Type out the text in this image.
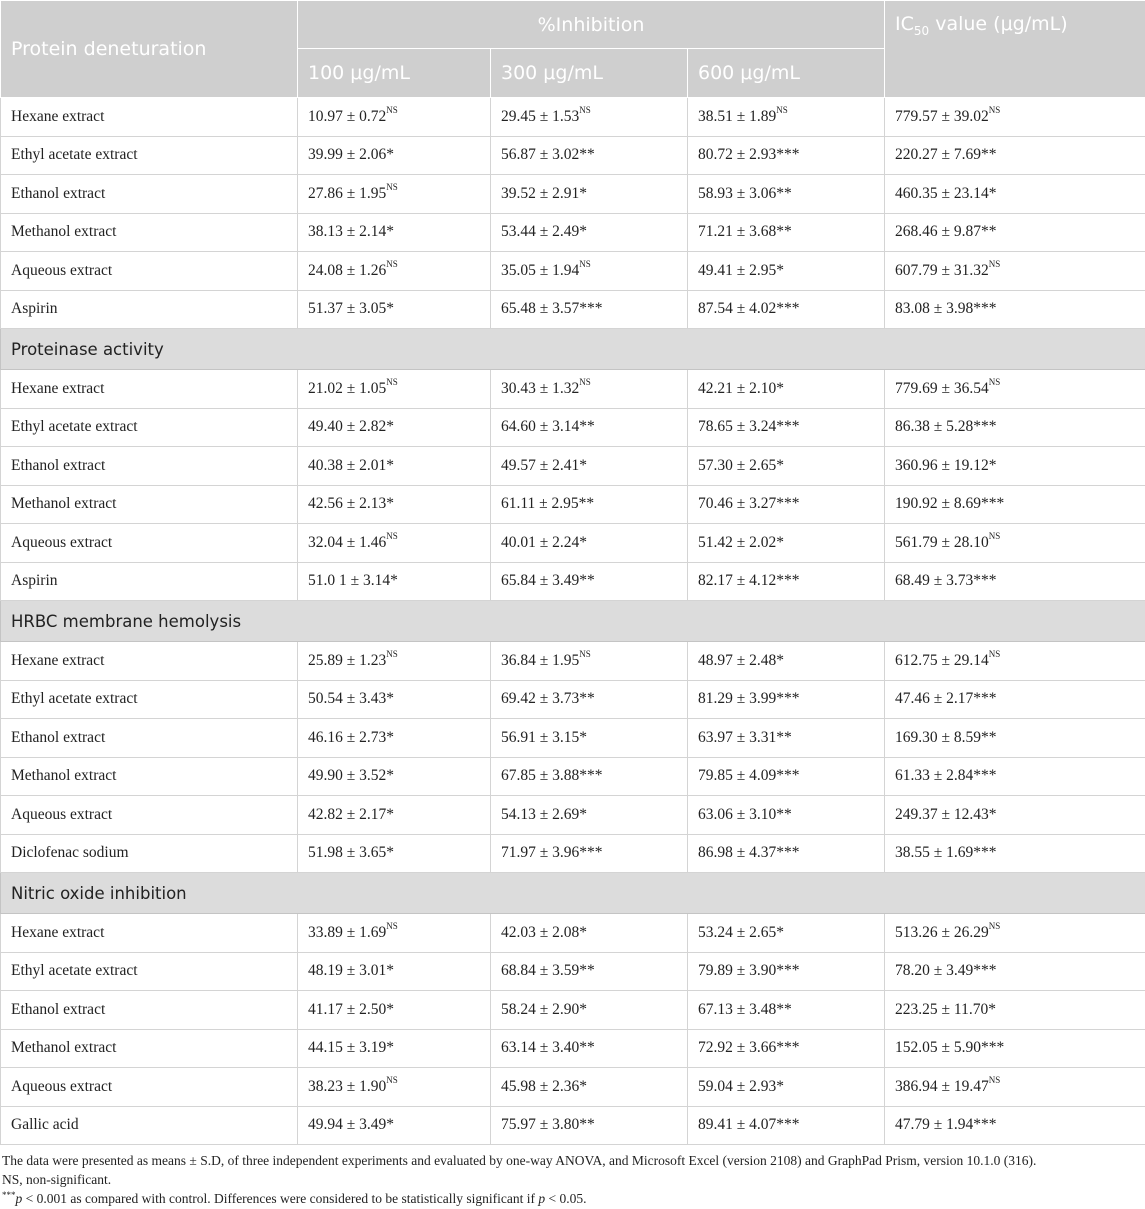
Protein deneturation	%Inhibition			$IC_{50}$ value (μg/mL)
	100 μg/mL	300 μg/mL	600 μg/mL	
Hexane extract	$10.97 \pm 0.72^{NS}$	$29.45 \pm 1.53^{NS}$	$38.51 \pm 1.89^{NS}$	$779.57 \pm 39.02^{NS}$
Ethyl acetate extract	39.99 ± 2.06*	56.87 ± 3.02**	80.72 ± 2.93***	220.27 ± 7.69**
Ethanol extract	$27.86 \pm 1.95^{NS}$	39.52 ± 2.91*	58.93 ± 3.06**	460.35 ± 23.14*
Methanol extract	38.13 ± 2.14*	53.44 ± 2.49*	71.21 ± 3.68**	268.46 ± 9.87**
Aqueous extract	$24.08 \pm 1.26^{NS}$	$35.05 \pm 1.94^{NS}$	49.41 ± 2.95*	$607.79 \pm 31.32^{NS}$
Aspirin	51.37 ± 3.05*	65.48 ± 3.57***	87.54 ± 4.02***	83.08 ± 3.98***
Proteinase activity				
Hexane extract	$21.02 \pm 1.05^{NS}$	$30.43 \pm 1.32^{NS}$	42.21 ± 2.10*	$779.69 \pm 36.54^{NS}$
Ethyl acetate extract	49.40 ± 2.82*	64.60 ± 3.14**	78.65 ± 3.24***	86.38 ± 5.28***
Ethanol extract	40.38 ± 2.01*	49.57 ± 2.41*	57.30 ± 2.65*	360.96 ± 19.12*
Methanol extract	42.56 ± 2.13*	61.11 ± 2.95**	70.46 ± 3.27***	190.92 ± 8.69***
Aqueous extract	$32.04 \pm 1.46^{NS}$	40.01 ± 2.24*	51.42 ± 2.02*	$561.79 \pm 28.10^{NS}$
Aspirin	51.0 1 ± 3.14*	65.84 ± 3.49**	82.17 ± 4.12***	68.49 ± 3.73***
HRBC membrane hemolysis				
Hexane extract	$25.89 \pm 1.23^{NS}$	$36.84 \pm 1.95^{NS}$	48.97 ± 2.48*	$612.75 \pm 29.14^{NS}$
Ethyl acetate extract	50.54 ± 3.43*	69.42 ± 3.73**	81.29 ± 3.99***	47.46 ± 2.17***
Ethanol extract	46.16 ± 2.73*	56.91 ± 3.15*	63.97 ± 3.31**	169.30 ± 8.59**
Methanol extract	49.90 ± 3.52*	67.85 ± 3.88***	79.85 ± 4.09***	61.33 ± 2.84***
Aqueous extract	42.82 ± 2.17*	54.13 ± 2.69*	63.06 ± 3.10**	249.37 ± 12.43*
Diclofenac sodium	51.98 ± 3.65*	71.97 ± 3.96***	86.98 ± 4.37***	38.55 ± 1.69***
Nitric oxide inhibition				
Hexane extract	$33.89 \pm 1.69^{NS}$	42.03 ± 2.08*	53.24 ± 2.65*	$513.26 \pm 26.29^{NS}$
Ethyl acetate extract	48.19 ± 3.01*	68.84 ± 3.59**	79.89 ± 3.90***	78.20 ± 3.49***
Ethanol extract	41.17 ± 2.50*	58.24 ± 2.90*	67.13 ± 3.48**	223.25 ± 11.70*
Methanol extract	44.15 ± 3.19*	63.14 ± 3.40**	72.92 ± 3.66***	152.05 ± 5.90***
Aqueous extract	$38.23 \pm 1.90^{NS}$	45.98 ± 2.36*	59.04 ± 2.93*	$386.94 \pm 19.47^{NS}$
Gallic acid	49.94 ± 3.49*	75.97 ± 3.80**	89.41 ± 4.07***	47.79 ± 1.94***

The data were presented as means ± S.D, of three independent experiments and evaluated by one-way ANOVA, and Microsoft Excel (version 2108) and GraphPad Prism, version 10.1.0 (316).

NS, non-significant.

***p < 0.001 as compared with control. Differences were considered to be statistically significant if p < 0.05.
